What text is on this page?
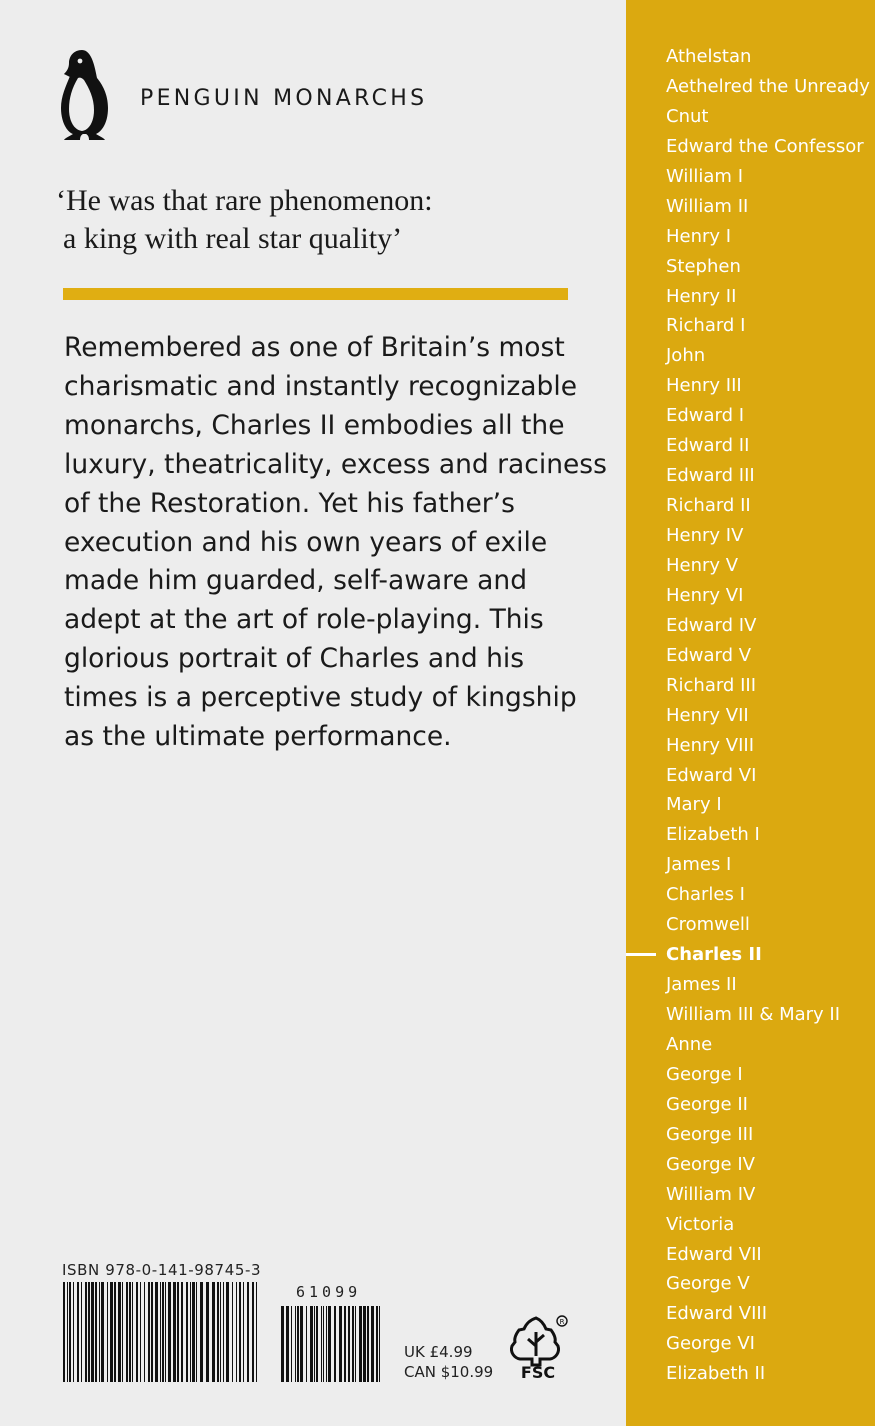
PENGUIN MONARCHS
‘He was that rare phenomenon:
a king with real star quality’
Remembered as one of Britain’s most
charismatic and instantly recognizable
monarchs, Charles II embodies all the
luxury, theatricality, excess and raciness
of the Restoration. Yet his father’s
execution and his own years of exile
made him guarded, self-aware and
adept at the art of role-playing. This
glorious portrait of Charles and his
times is a perceptive study of kingship
as the ultimate performance.
ISBN 978-0-141-98745-3
61099
UK £4.99
CAN $10.99
R
FSC
Athelstan
Aethelred the Unready
Cnut
Edward the Confessor
William I
William II
Henry I
Stephen
Henry II
Richard I
John
Henry III
Edward I
Edward II
Edward III
Richard II
Henry IV
Henry V
Henry VI
Edward IV
Edward V
Richard III
Henry VII
Henry VIII
Edward VI
Mary I
Elizabeth I
James I
Charles I
Cromwell
Charles II
James II
William III & Mary II
Anne
George I
George II
George III
George IV
William IV
Victoria
Edward VII
George V
Edward VIII
George VI
Elizabeth II
